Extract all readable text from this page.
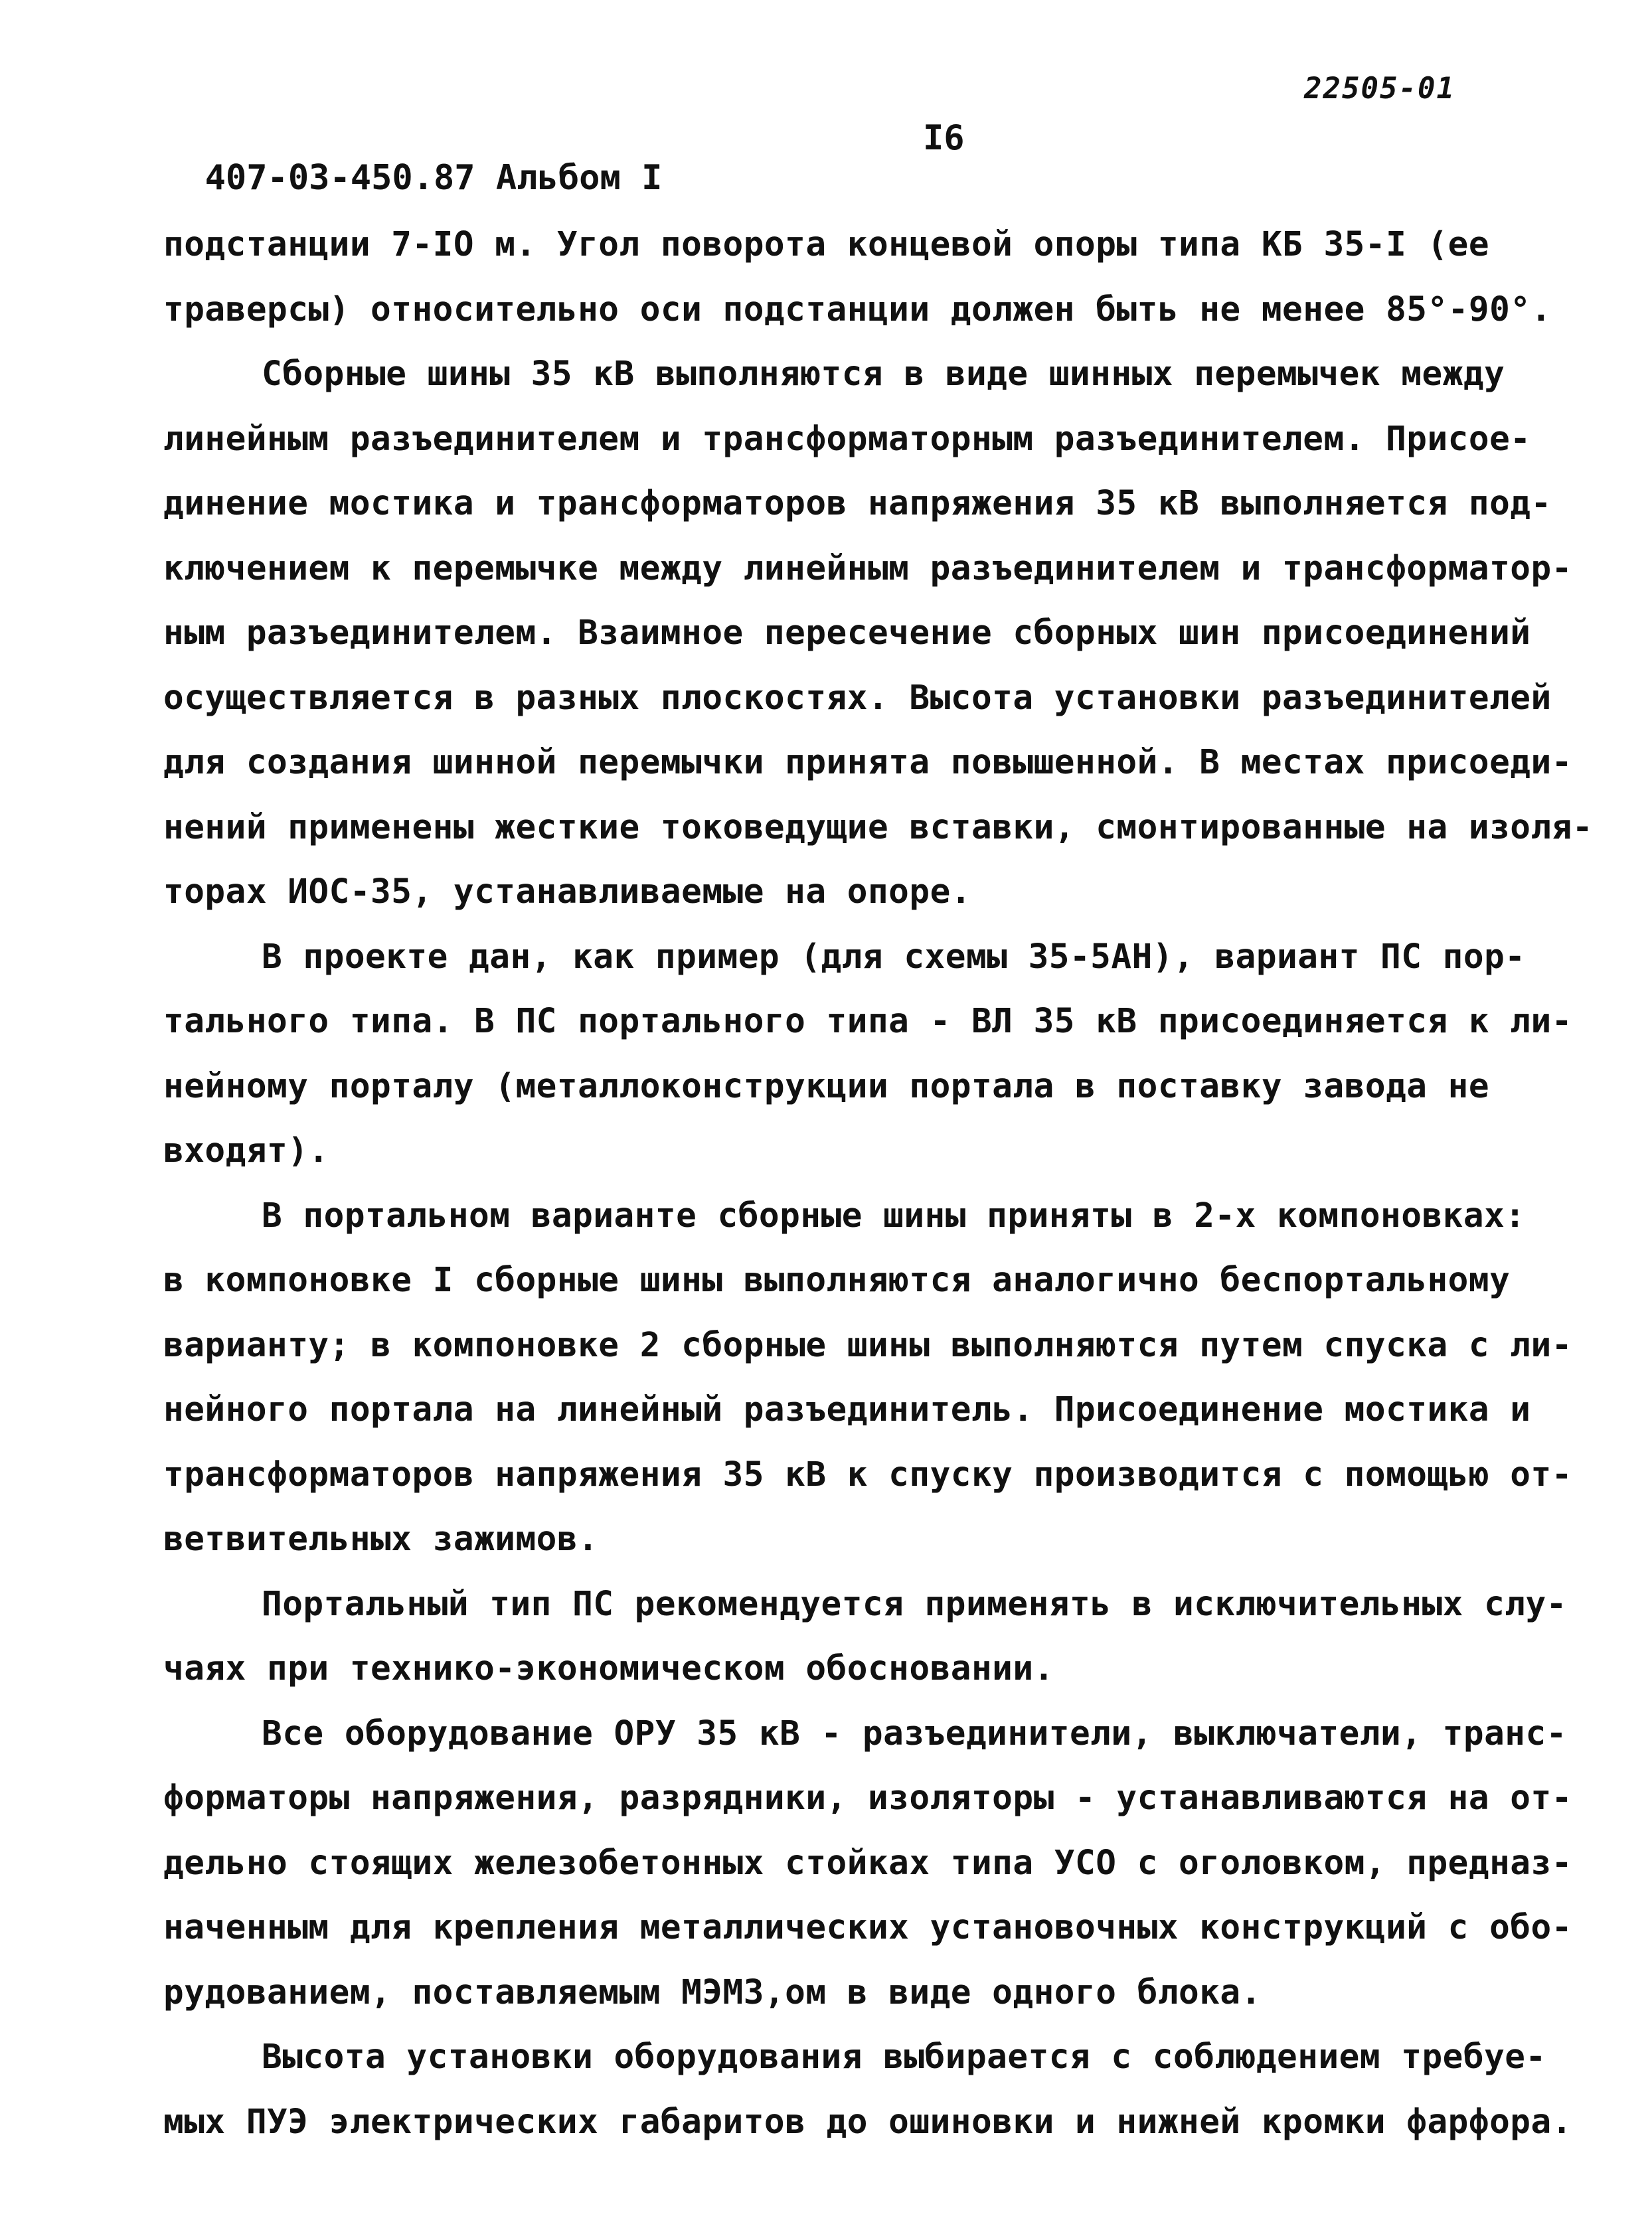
22505-01

407-03-450.87 Альбом I

I6

подстанции 7-IO м. Угол поворота концевой опоры типа КБ 35-I (ее
траверсы) относительно оси подстанции должен быть не менее 85°-90°.
Сборные шины 35 кВ выполняются в виде шинных перемычек между
линейным разъединителем и трансформаторным разъединителем. Присое-
динение мостика и трансформаторов напряжения 35 кВ выполняется под-
ключением к перемычке между линейным разъединителем и трансформатор-
ным разъединителем. Взаимное пересечение сборных шин присоединений
осуществляется в разных плоскостях. Высота установки разъединителей
для создания шинной перемычки принята повышенной. В местах присоеди-
нений применены жесткие токоведущие вставки, смонтированные на изоля-
торах ИОС-35, устанавливаемые на опоре.
В проекте дан, как пример (для схемы 35-5АН), вариант ПС пор-
тального типа. В ПС портального типа - ВЛ 35 кВ присоединяется к ли-
нейному порталу (металлоконструкции портала в поставку завода не
входят).
В портальном варианте сборные шины приняты в 2-х компоновках:
в компоновке I сборные шины выполняются аналогично беспортальному
варианту; в компоновке 2 сборные шины выполняются путем спуска с ли-
нейного портала на линейный разъединитель. Присоединение мостика и
трансформаторов напряжения 35 кВ к спуску производится с помощью от-
ветвительных зажимов.
Портальный тип ПС рекомендуется применять в исключительных слу-
чаях при технико-экономическом обосновании.
Все оборудование ОРУ 35 кВ - разъединители, выключатели, транс-
форматоры напряжения, разрядники, изоляторы - устанавливаются на от-
дельно стоящих железобетонных стойках типа УСО с оголовком, предназ-
наченным для крепления металлических установочных конструкций с обо-
рудованием, поставляемым МЭМЗ,ом в виде одного блока.
Высота установки оборудования выбирается с соблюдением требуе-
мых ПУЭ электрических габаритов до ошиновки и нижней кромки фарфора.
